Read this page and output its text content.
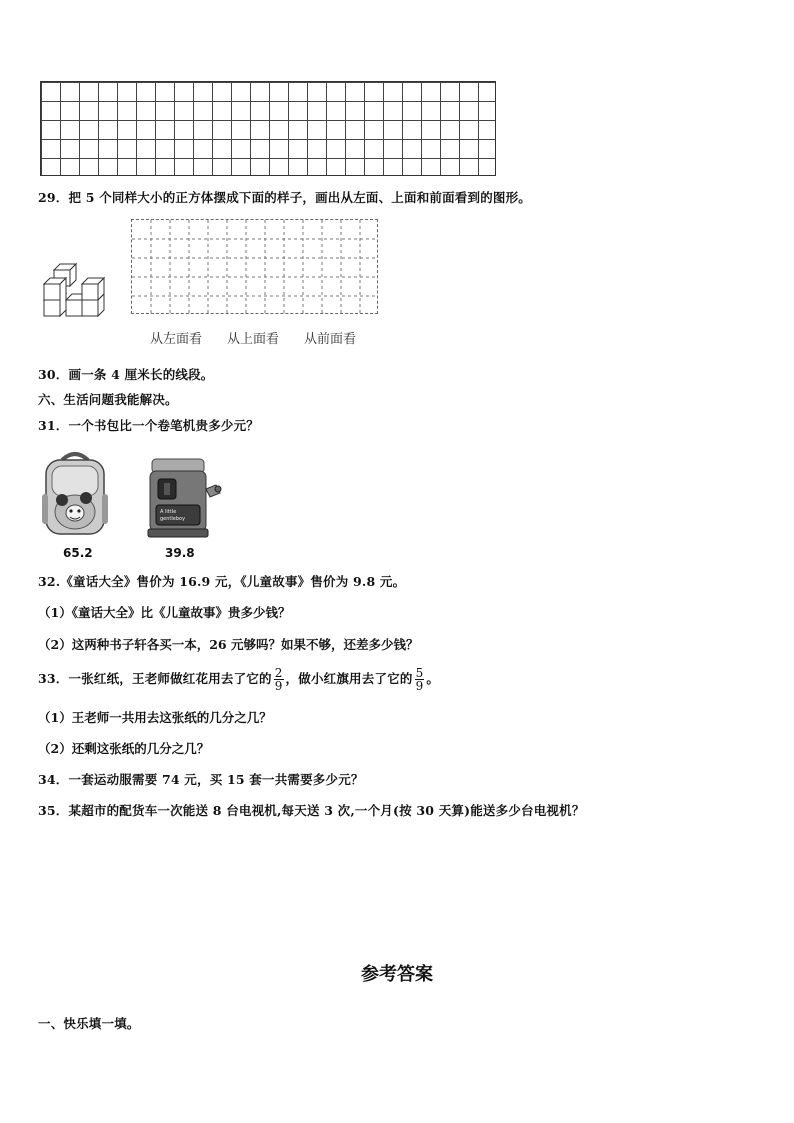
29．把 5 个同样大小的正方体摆成下面的样子，画出从左面、上面和前面看到的图形。
从左面看 从上面看 从前面看
30．画一条 4 厘米长的线段。
六、生活问题我能解决。
31．一个书包比一个卷笔机贵多少元？
A little
gentleboy
65.2	39.8
32.《童话大全》售价为 16.9 元，《儿童故事》售价为 9.8 元。
（1）《童话大全》比《儿童故事》贵多少钱？
（2）这两种书子轩各买一本，26 元够吗？如果不够，还差多少钱？
33．一张红纸，王老师做红花用去了它的 $\frac{2}{9}$ ，做小红旗用去了它的 $\frac{5}{9}$ 。
（1）王老师一共用去这张纸的几分之几？
（2）还剩这张纸的几分之几？
34．一套运动服需要 74 元，买 15 套一共需要多少元？
35．某超市的配货车一次能送 8 台电视机,每天送 3 次,一个月(按 30 天算)能送多少台电视机？
参考答案
一、快乐填一填。
